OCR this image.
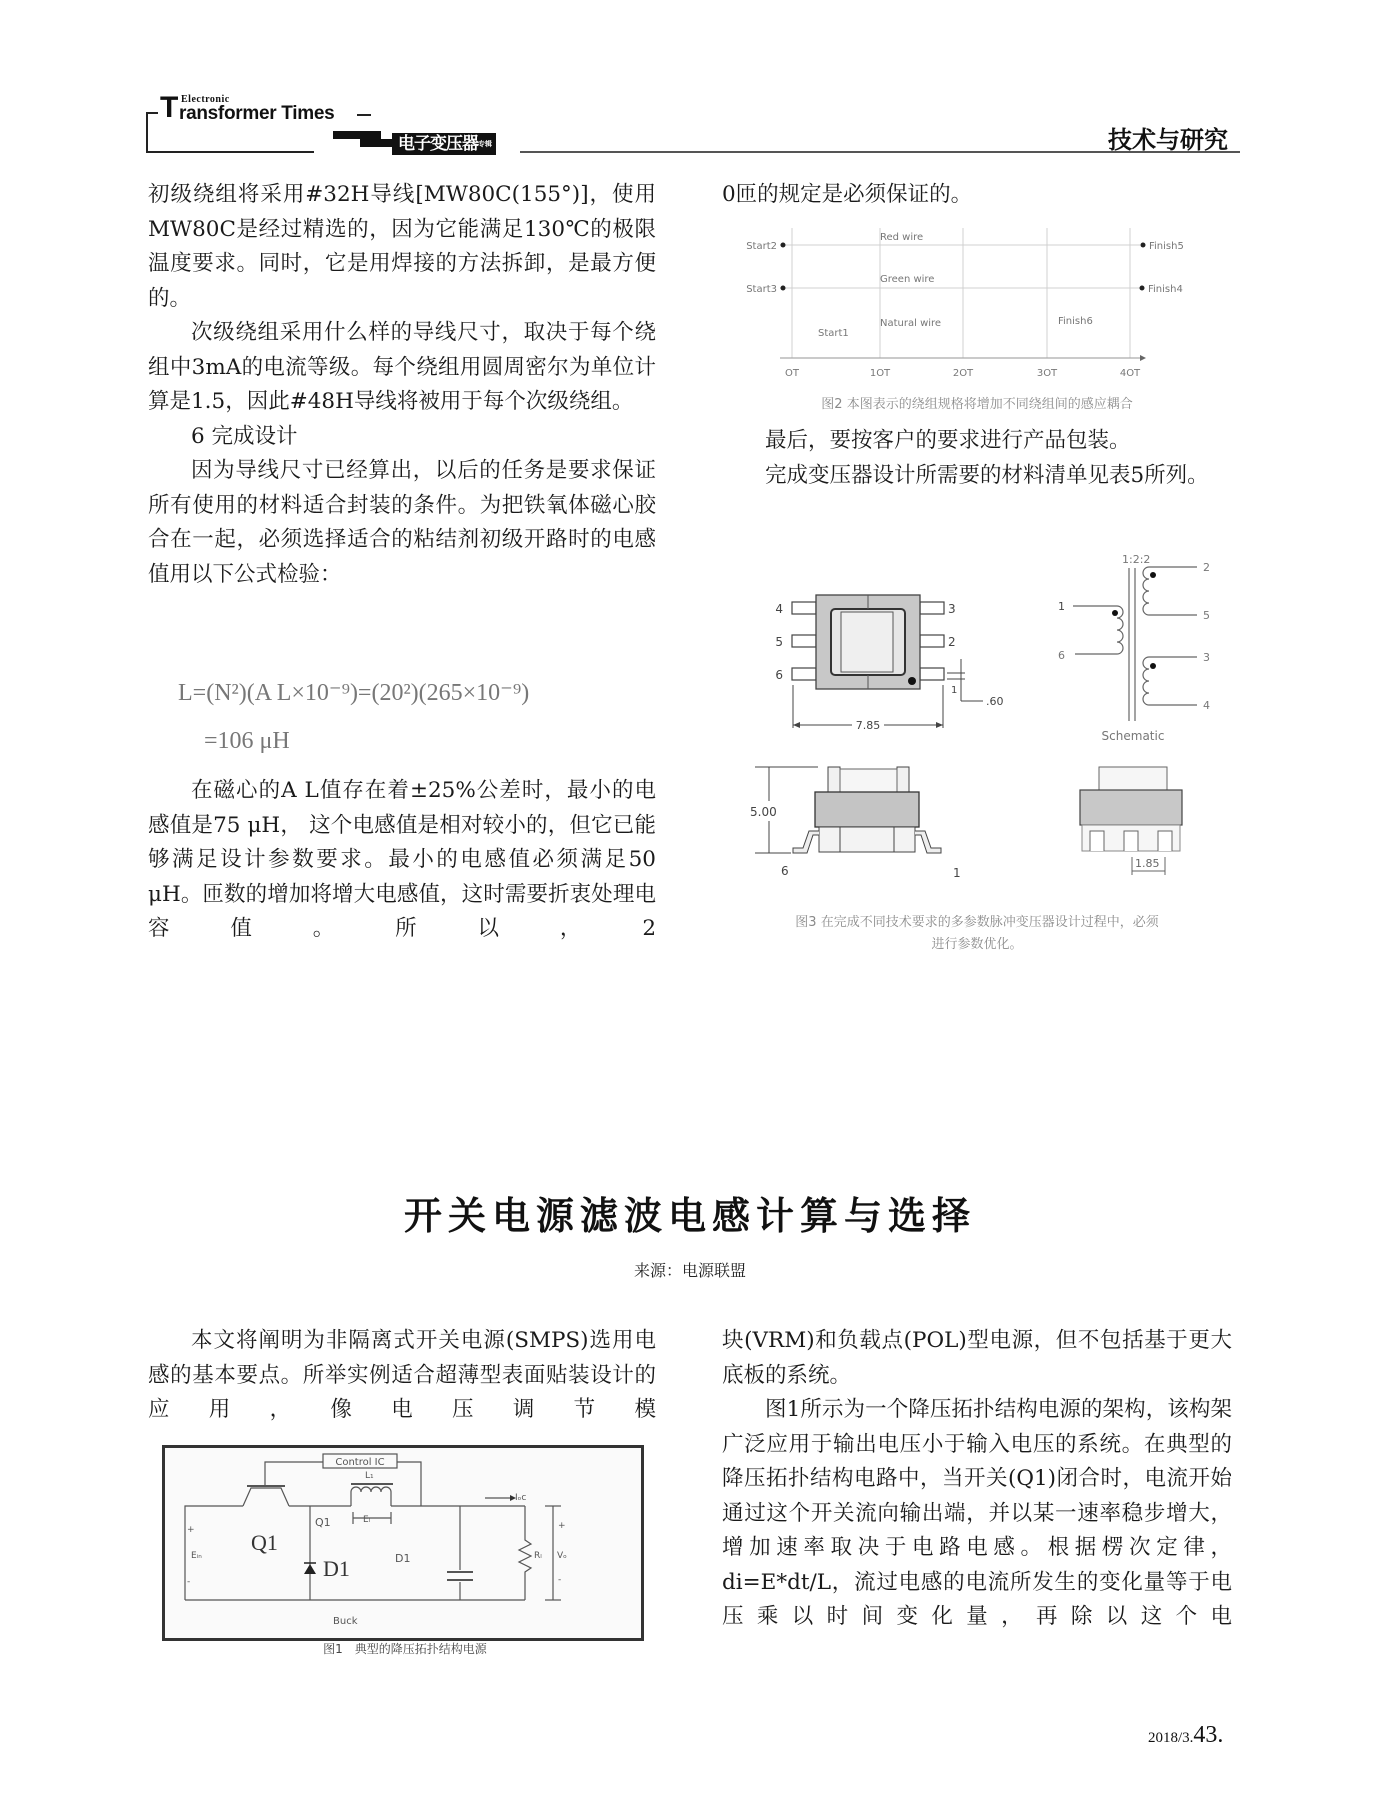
T Electronic
ransformer Times
电子变压器$^{专辑}$	技术与研究

初级绕组将采用#32H导线[MW80C(155°)]，使用MW80C是经过精选的，因为它能满足130℃的极限温度要求。同时，它是用焊接的方法拆卸，是最方便的。

次级绕组采用什么样的导线尺寸，取决于每个绕组中3mA的电流等级。每个绕组用圆周密尔为单位计算是1.5，因此#48H导线将被用于每个次级绕组。

6 完成设计

因为导线尺寸已经算出，以后的任务是要求保证所有使用的材料适合封装的条件。为把铁氧体磁心胶合在一起，必须选择适合的粘结剂初级开路时的电感值用以下公式检验：

L=(N²)(A L×10⁻⁹)=(20²)(265×10⁻⁹)
=106 μH

在磁心的A L值存在着±25%公差时，最小的电感值是75 μH， 这个电感值是相对较小的，但它已能够满足设计参数要求。最小的电感值必须满足50 μH。匝数的增加将增大电感值，这时需要折衷处理电容值。所以，2

0匝的规定是必须保证的。

Start2
Start3
Finish5
Finish4
Red wire
Green wire
Natural wire
Start1
Finish6
OT	1OT	2OT	3OT	4OT
图2 本图表示的绕组规格将增加不同绕组间的感应耦合

最后，要按客户的要求进行产品包装。

完成变压器设计所需要的材料清单见表5所列。

4
5
6
3
2
1
7.85
.60
1:2:2
1
6
2
5
3
4
Schematic
5.00
6	1
1.85
图3 在完成不同技术要求的多参数脉冲变压器设计过程中，必须
进行参数优化。
开关电源滤波电感计算与选择
来源：电源联盟

本文将阐明为非隔离式开关电源(SMPS)选用电感的基本要点。所举实例适合超薄型表面贴装设计的应用，像电压调节模

Control IC
L₁
Eₗ
Q1
D1
Eᵢₙ
+
-
Iₒc
Rₗ Vₒ
+
-
Buck
Q1
D1
图1　典型的降压拓扑结构电源

块(VRM)和负载点(POL)型电源，但不包括基于更大底板的系统。

图1所示为一个降压拓扑结构电源的架构，该构架广泛应用于输出电压小于输入电压的系统。在典型的降压拓扑结构电路中，当开关(Q1)闭合时，电流开始通过这个开关流向输出端，并以某一速率稳步增大，增加速率取决于电路电感。根据楞次定律，di=E*dt/L，流过电感的电流所发生的变化量等于电压乘以时间变化量，再除以这个电

2018/3.43.
